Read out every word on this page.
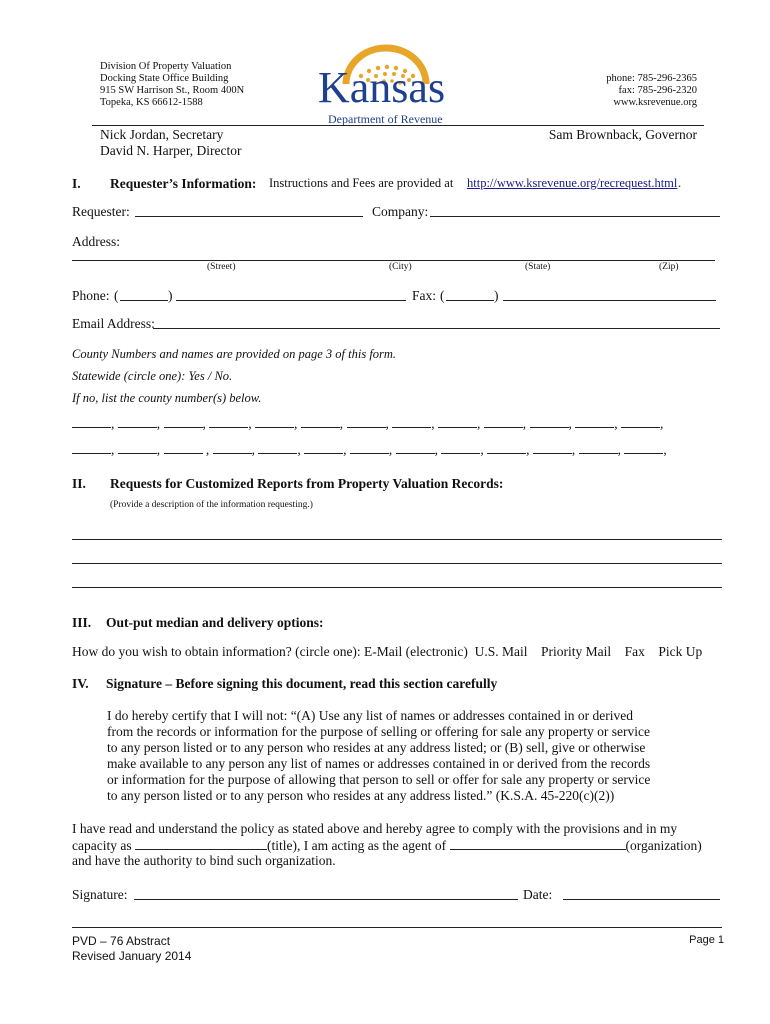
Division Of Property Valuation
Docking State Office Building
915 SW Harrison St., Room 400N
Topeka, KS 66612-1588	Kansas
Department of Revenue
phone: 785-296-2365
fax: 785-296-2320
www.ksrevenue.org
Nick Jordan, Secretary
David N. Harper, Director
Sam Brownback, Governor
I. Requester’s Information: Instructions and Fees are provided at http://www.ksrevenue.org/recrequest.html .
Requester:	Company:
Address:
(Street)	(City)	(State)	(Zip)
Phone: (	)	Fax: (	)
Email Address:
County Numbers and names are provided on page 3 of this form.
Statewide (circle one): Yes / No.
If no, list the county number(s) below.
,	,	,	,	,	,	,	,	,	,	,	,	,
,	,	,	,	,	,	,	,	,	,	,	,	,
II. Requests for Customized Reports from Property Valuation Records:
(Provide a description of the information requesting.)
III. Out-put median and delivery options:
How do you wish to obtain information? (circle one): E-Mail (electronic)  U.S. Mail    Priority Mail    Fax    Pick Up
IV. Signature – Before signing this document, read this section carefully
I do hereby certify that I will not: “(A) Use any list of names or addresses contained in or derived
from the records or information for the purpose of selling or offering for sale any property or service
to any person listed or to any person who resides at any address listed; or (B) sell, give or otherwise
make available to any person any list of names or addresses contained in or derived from the records
or information for the purpose of allowing that person to sell or offer for sale any property or service
to any person listed or to any person who resides at any address listed.” (K.S.A. 45-220(c)(2))
I have read and understand the policy as stated above and hereby agree to comply with the provisions and in my
capacity as	(title), I am acting as the agent of	(organization)
and have the authority to bind such organization.
Signature:	Date:
PVD – 76 Abstract
Revised January 2014
Page 1
